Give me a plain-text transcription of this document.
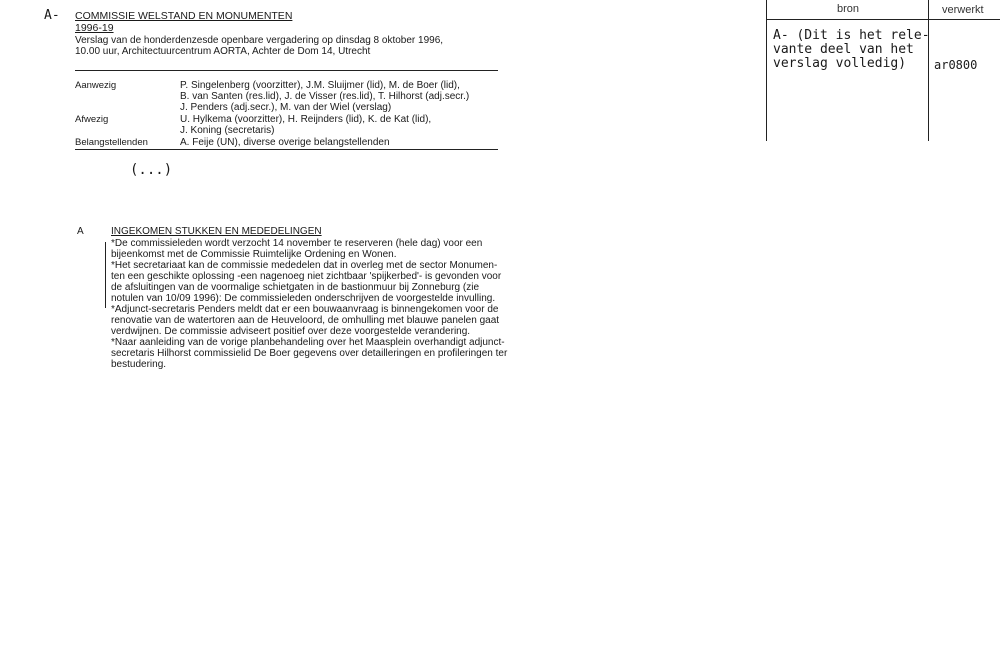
A- COMMISSIE WELSTAND EN MONUMENTEN
1996-19
Verslag van de honderdenzesde openbare vergadering op dinsdag 8 oktober 1996,
10.00 uur, Architectuurcentrum AORTA, Achter de Dom 14, Utrecht
Aanwezig	P. Singelenberg (voorzitter), J.M. Sluijmer (lid), M. de Boer (lid),
B. van Santen (res.lid), J. de Visser (res.lid), T. Hilhorst (adj.secr.)
J. Penders (adj.secr.), M. van der Wiel (verslag)
Afwezig	U. Hylkema (voorzitter), H. Reijnders (lid), K. de Kat (lid),
J. Koning (secretaris)
Belangstellenden	A. Feije (UN), diverse overige belangstellenden
(...)
A	INGEKOMEN STUKKEN EN MEDEDELINGEN
*De commissieleden wordt verzocht 14 november te reserveren (hele dag) voor een
bijeenkomst met de Commissie Ruimtelijke Ordening en Wonen.
*Het secretariaat kan de commissie mededelen dat in overleg met de sector Monumen-
ten een geschikte oplossing -een nagenoeg niet zichtbaar 'spijkerbed'- is gevonden voor
de afsluitingen van de voormalige schietgaten in de bastionmuur bij Zonneburg (zie
notulen van 10/09 1996): De commissieleden onderschrijven de voorgestelde invulling.
*Adjunct-secretaris Penders meldt dat er een bouwaanvraag is binnengekomen voor de
renovatie van de watertoren aan de Heuveloord, de omhulling met blauwe panelen gaat
verdwijnen. De commissie adviseert positief over deze voorgestelde verandering.
*Naar aanleiding van de vorige planbehandeling over het Maasplein overhandigt adjunct-
secretaris Hilhorst commissielid De Boer gegevens over detailleringen en profileringen ter
bestudering.
bron	verwerkt
A- (Dit is het rele-
vante deel van het
verslag volledig) ar0800
